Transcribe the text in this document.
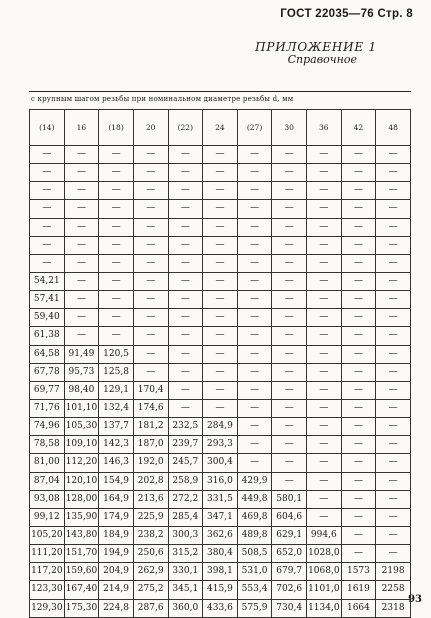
ГОСТ 22035—76 Стр. 8
ПРИЛОЖЕНИЕ 1
Справочное
с крупным шагом резьбы при номинальном диаметре резьбы d, мм
(14)	16	(18)	20	(22)	24	(27)	30	36	42	48
—	—	—	—	—	—	—	—	—	—	—
—	—	—	—	—	—	—	—	—	—	—
—	—	—	—	—	—	—	—	—	—	—
—	—	—	—	—	—	—	—	—	—	—
—	—	—	—	—	—	—	—	—	—	—
—	—	—	—	—	—	—	—	—	—	—
—	—	—	—	—	—	—	—	—	—	—
54,21	—	—	—	—	—	—	—	—	—	—
57,41	—	—	—	—	—	—	—	—	—	—
59,40	—	—	—	—	—	—	—	—	—	—
61,38	—	—	—	—	—	—	—	—	—	—
64,58	91,49	120,5	—	—	—	—	—	—	—	—
67,78	95,73	125,8	—	—	—	—	—	—	—	—
69,77	98,40	129,1	170,4	—	—	—	—	—	—	—
71,76	101,10	132,4	174,6	—	—	—	—	—	—	—
74,96	105,30	137,7	181,2	232,5	284,9	—	—	—	—	—
78,58	109,10	142,3	187,0	239,7	293,3	—	—	—	—	—
81,00	112,20	146,3	192,0	245,7	300,4	—	—	—	—	—
87,04	120,10	154,9	202,8	258,9	316,0	429,9	—	—	—	—
93,08	128,00	164,9	213,6	272,2	331,5	449,8	580,1	—	—	—
99,12	135,90	174,9	225,9	285,4	347,1	469,8	604,6	—	—	—
105,20	143,80	184,9	238,2	300,3	362,6	489,8	629,1	994,6	—	—
111,20	151,70	194,9	250,6	315,2	380,4	508,5	652,0	1028,0	—	—
117,20	159,60	204,9	262,9	330,1	398,1	531,0	679,7	1068,0	1573	2198
123,30	167,40	214,9	275,2	345,1	415,9	553,4	702,6	1101,0	1619	2258
129,30	175,30	224,8	287,6	360,0	433,6	575,9	730,4	1134,0	1664	2318
93
